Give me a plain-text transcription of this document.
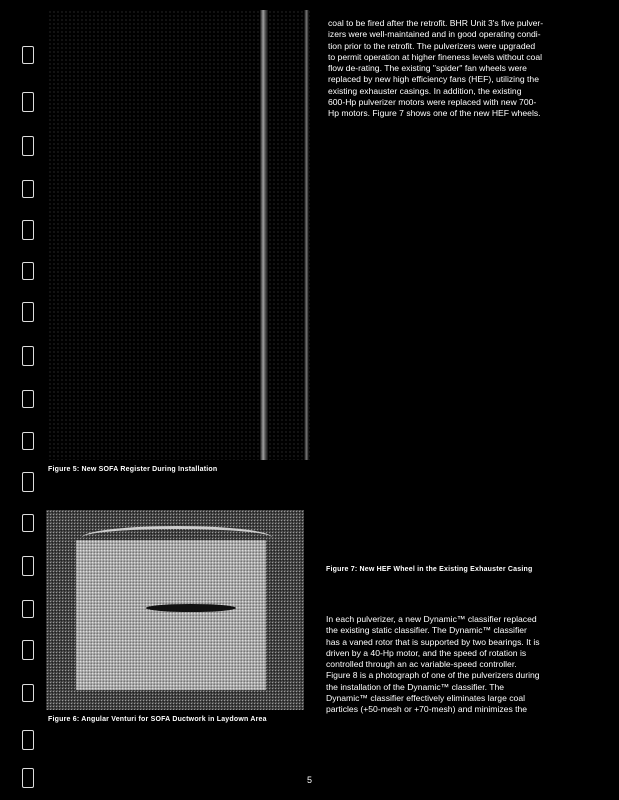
Figure 5: New SOFA Register During Installation
Figure 6: Angular Venturi for SOFA Ductwork in Laydown Area
coal to be fired after the retrofit. BHR Unit 3's five pulver-
izers were well-maintained and in good operating condi-
tion prior to the retrofit. The pulverizers were upgraded
to permit operation at higher fineness levels without coal
flow de-rating. The existing "spider" fan wheels were
replaced by new high efficiency fans (HEF), utilizing the
existing exhauster casings. In addition, the existing
600-Hp pulverizer motors were replaced with new 700-
Hp motors. Figure 7 shows one of the new HEF wheels.
Figure 7: New HEF Wheel in the Existing Exhauster Casing
In each pulverizer, a new Dynamic™ classifier replaced
the existing static classifier. The Dynamic™ classifier
has a vaned rotor that is supported by two bearings. It is
driven by a 40-Hp motor, and the speed of rotation is
controlled through an ac variable-speed controller.
Figure 8 is a photograph of one of the pulverizers during
the installation of the Dynamic™ classifier. The
Dynamic™ classifier effectively eliminates large coal
particles (+50-mesh or +70-mesh) and minimizes the
5
